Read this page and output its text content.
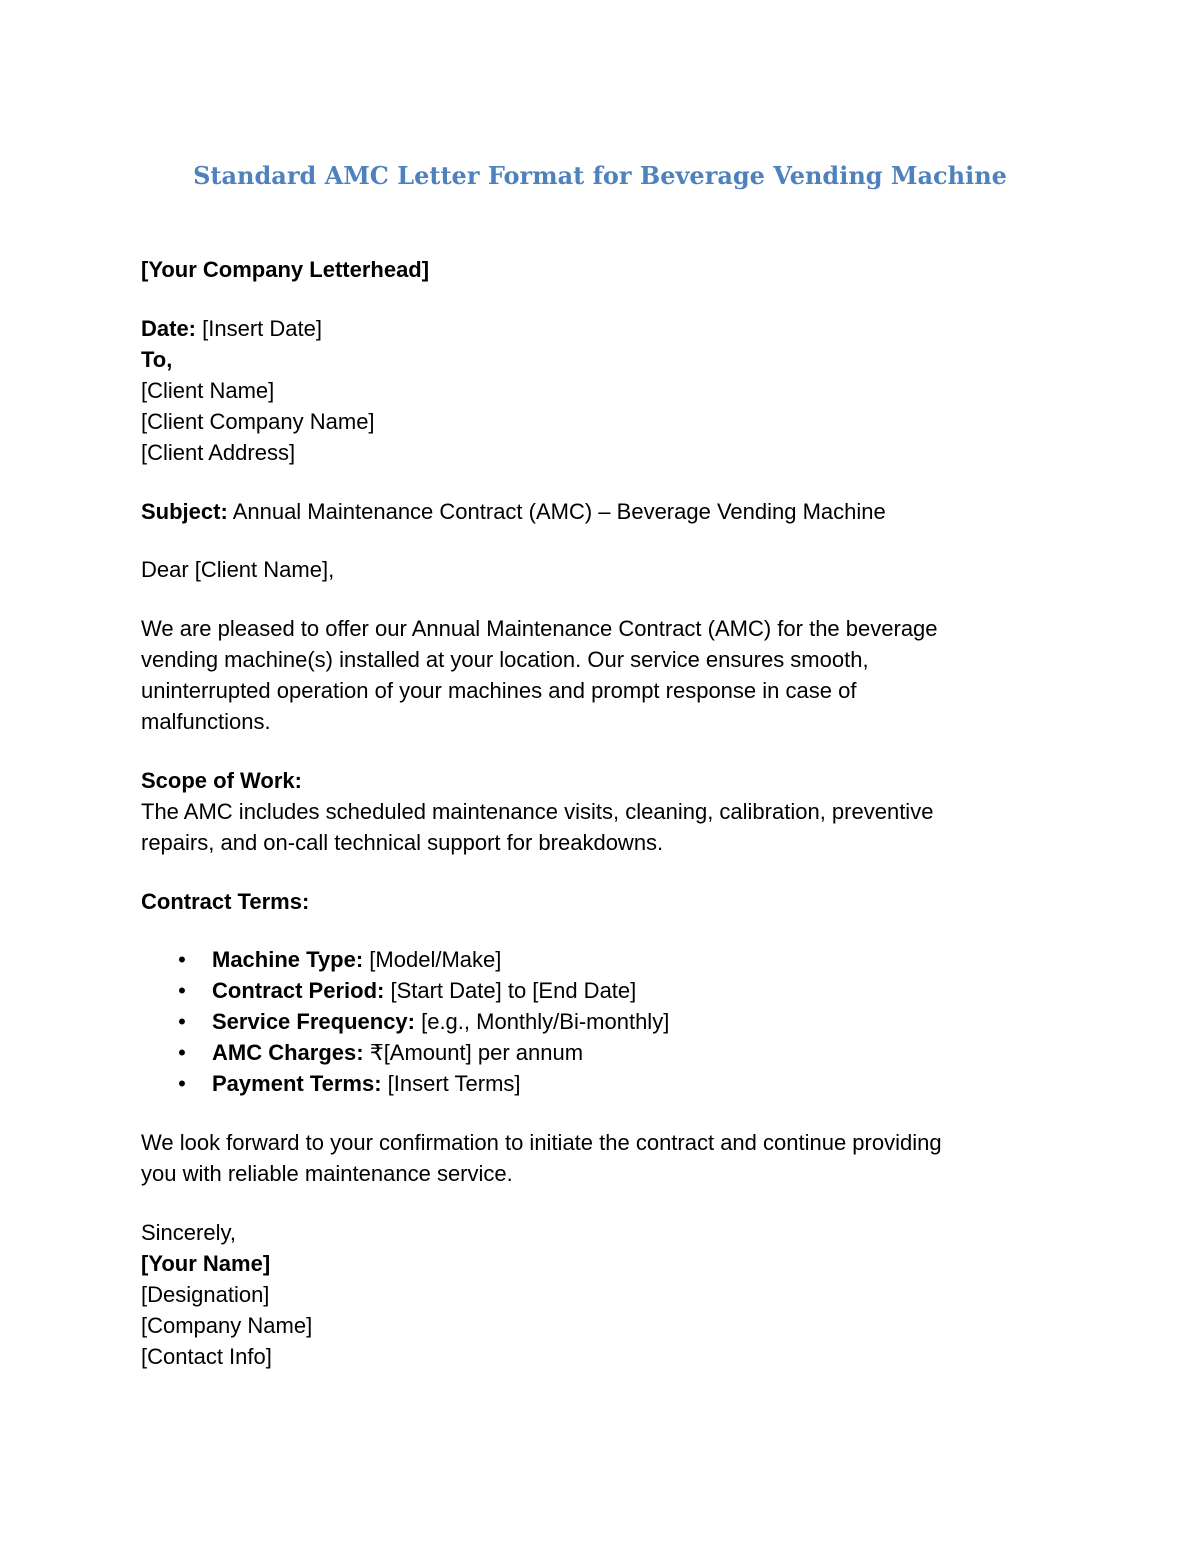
Standard AMC Letter Format for Beverage Vending Machine
[Your Company Letterhead]
Date: [Insert Date]
To,
[Client Name]
[Client Company Name]
[Client Address]
Subject: Annual Maintenance Contract (AMC) – Beverage Vending Machine
Dear [Client Name],
We are pleased to offer our Annual Maintenance Contract (AMC) for the beverage
vending machine(s) installed at your location. Our service ensures smooth,
uninterrupted operation of your machines and prompt response in case of
malfunctions.
Scope of Work:
The AMC includes scheduled maintenance visits, cleaning, calibration, preventive
repairs, and on-call technical support for breakdowns.
Contract Terms:
• Machine Type: [Model/Make]
• Contract Period: [Start Date] to [End Date]
• Service Frequency: [e.g., Monthly/Bi-monthly]
• AMC Charges: ₹[Amount] per annum
• Payment Terms: [Insert Terms]
We look forward to your confirmation to initiate the contract and continue providing
you with reliable maintenance service.
Sincerely,
[Your Name]
[Designation]
[Company Name]
[Contact Info]
